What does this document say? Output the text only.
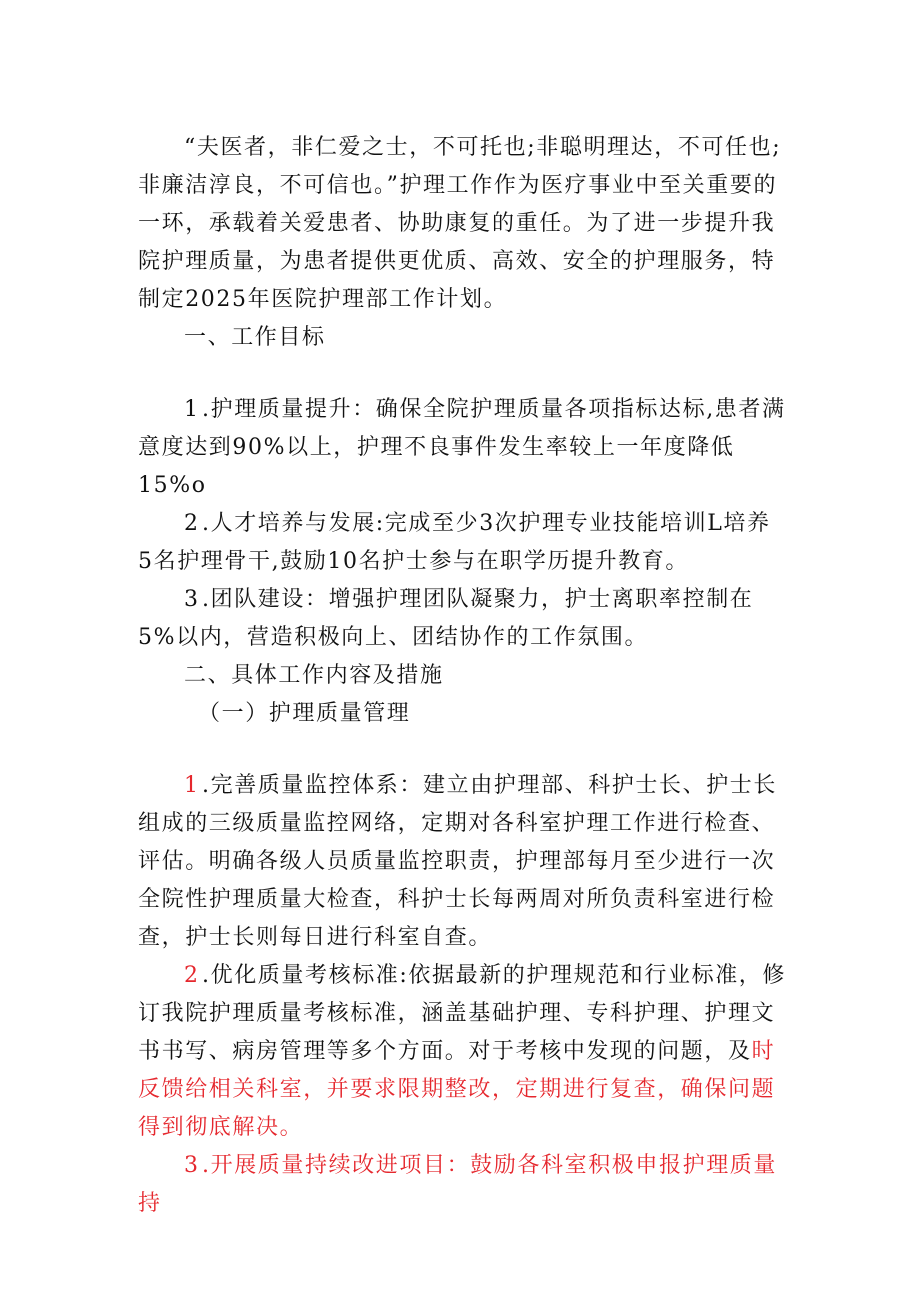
“夫医者，非仁爱之士，不可托也;非聪明理达，不可任也;非廉洁淳良，不可信也。”护理工作作为医疗事业中至关重要的一环，承载着关爱患者、协助康复的重任。为了进一步提升我院护理质量，为患者提供更优质、高效、安全的护理服务，特制定2025年医院护理部工作计划。

一、工作目标

1 .护理质量提升：确保全院护理质量各项指标达标,患者满意度达到90%以上，护理不良事件发生率较上一年度降低15%o

2 .人才培养与发展:完成至少3次护理专业技能培训L培养5名护理骨干,鼓励10名护士参与在职学历提升教育。

3 .团队建设：增强护理团队凝聚力，护士离职率控制在5%以内，营造积极向上、团结协作的工作氛围。

二、具体工作内容及措施

（一）护理质量管理

1 .完善质量监控体系：建立由护理部、科护士长、护士长组成的三级质量监控网络，定期对各科室护理工作进行检查、评估。明确各级人员质量监控职责，护理部每月至少进行一次全院性护理质量大检查，科护士长每两周对所负责科室进行检查，护士长则每日进行科室自查。

2 .优化质量考核标准:依据最新的护理规范和行业标准，修订我院护理质量考核标准，涵盖基础护理、专科护理、护理文书书写、病房管理等多个方面。对于考核中发现的问题，及时反馈给相关科室，并要求限期整改，定期进行复查，确保问题得到彻底解决。

3 .开展质量持续改进项目：鼓励各科室积极申报护理质量持
